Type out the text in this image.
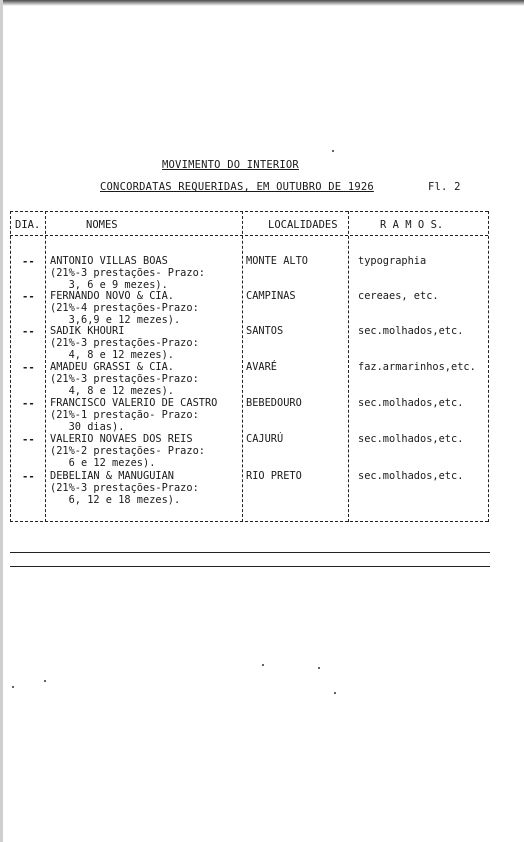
MOVIMENTO DO INTERIOR
CONCORDATAS REQUERIDAS, EM OUTUBRO DE 1926	Fl. 2
DIA.	NOMES	LOCALIDADES	R A M O S.
-- ANTONIO VILLAS BOAS
(21%-3 prestações- Prazo:
3, 6 e 9 mezes).
MONTE ALTO	typographia
-- FERNANDO NOVO & CIA.
(21%-4 prestações-Prazo:
3,6,9 e 12 mezes).
CAMPINAS	cereaes, etc.
-- SADIK KHOURI
(21%-3 prestações-Prazo:
4, 8 e 12 mezes).
SANTOS	sec.molhados,etc.
-- AMADEU GRASSI & CIA.
(21%-3 prestações-Prazo:
4, 8 e 12 mezes).
AVARÉ	faz.armarinhos,etc.
-- FRANCISCO VALERIO DE CASTRO
(21%-1 prestação- Prazo:
30 dias).
BEBEDOURO	sec.molhados,etc.
-- VALERIO NOVAES DOS REIS
(21%-2 prestações- Prazo:
6 e 12 mezes).
CAJURÚ	sec.molhados,etc.
-- DEBELIAN & MANUGUIAN
(21%-3 prestações-Prazo:
6, 12 e 18 mezes).
RIO PRETO	sec.molhados,etc.
